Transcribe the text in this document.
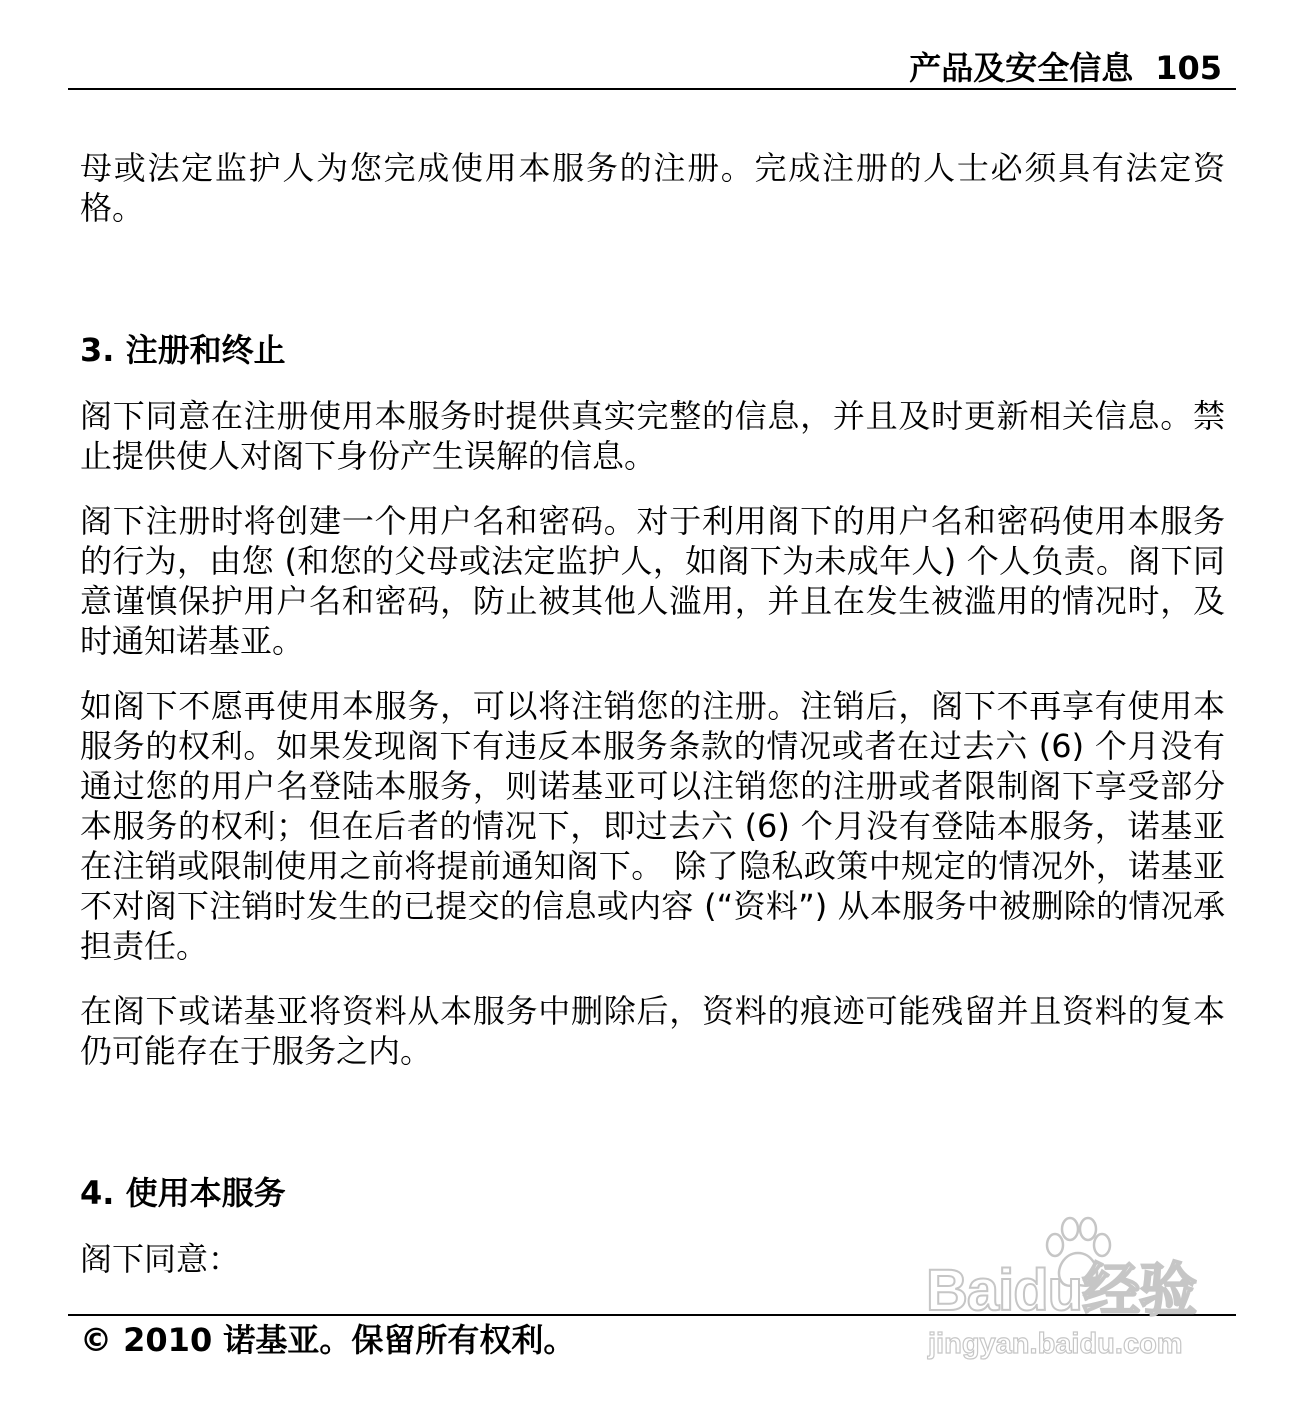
产品及安全信息 105

母或法定监护人为您完成使用本服务的注册。完成注册的人士必须具有法定资格。

3. 注册和终止

阁下同意在注册使用本服务时提供真实完整的信息，并且及时更新相关信息。禁止提供使人对阁下身份产生误解的信息。

阁下注册时将创建一个用户名和密码。对于利用阁下的用户名和密码使用本服务的行为，由您 (和您的父母或法定监护人，如阁下为未成年人) 个人负责。阁下同意谨慎保护用户名和密码，防止被其他人滥用，并且在发生被滥用的情况时，及时通知诺基亚。

如阁下不愿再使用本服务，可以将注销您的注册。注销后，阁下不再享有使用本服务的权利。如果发现阁下有违反本服务条款的情况或者在过去六 (6) 个月没有通过您的用户名登陆本服务，则诺基亚可以注销您的注册或者限制阁下享受部分本服务的权利；但在后者的情况下，即过去六 (6) 个月没有登陆本服务，诺基亚在注销或限制使用之前将提前通知阁下。 除了隐私政策中规定的情况外，诺基亚不对阁下注销时发生的已提交的信息或内容 (“资料”) 从本服务中被删除的情况承担责任。

在阁下或诺基亚将资料从本服务中删除后，资料的痕迹可能残留并且资料的复本仍可能存在于服务之内。

4. 使用本服务

阁下同意：

© 2010 诺基亚。保留所有权利。
Baidu经验
jingyan.baidu.com
